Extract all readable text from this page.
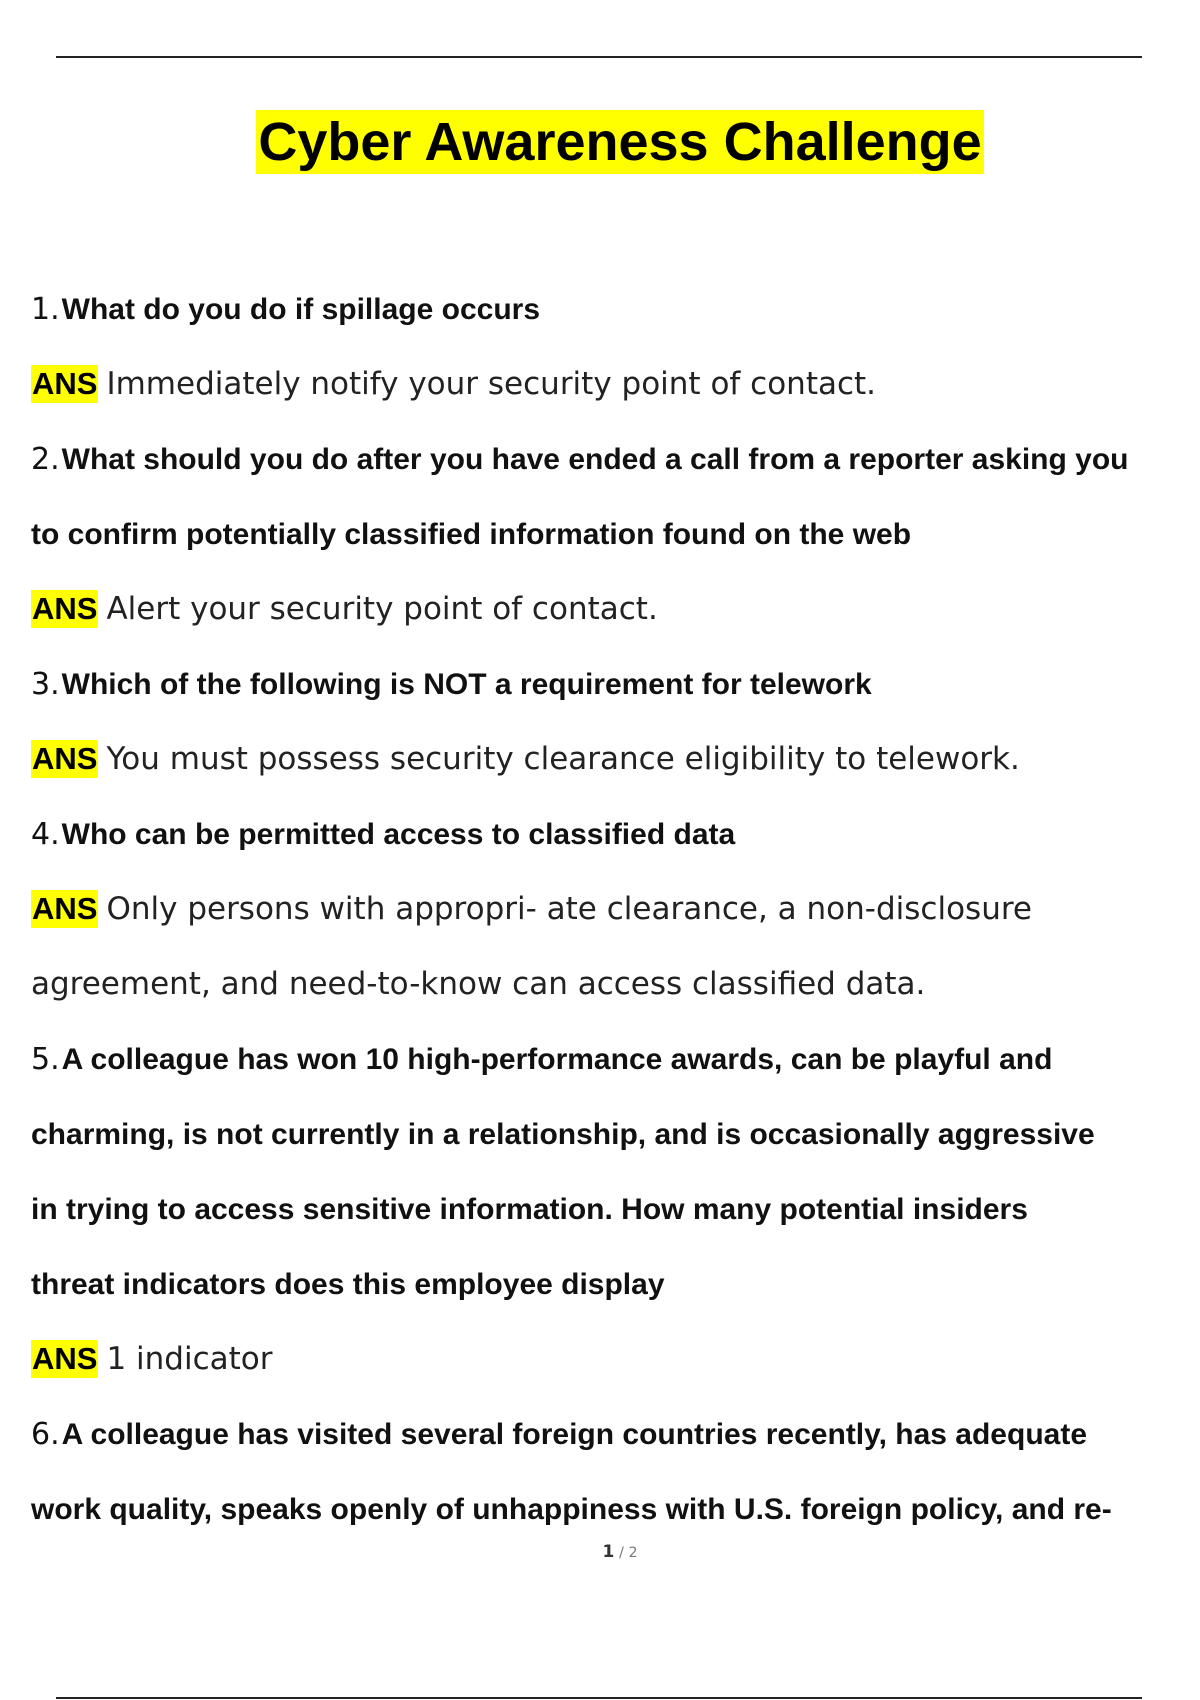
Cyber Awareness Challenge
1.What do you do if spillage occurs
ANS Immediately notify your security point of contact.
2.What should you do after you have ended a call from a reporter asking you
to confirm potentially classified information found on the web
ANS Alert your security point of contact.
3.Which of the following is NOT a requirement for telework
ANS You must possess security clearance eligibility to telework.
4.Who can be permitted access to classified data
ANS Only persons with appropri- ate clearance, a non-disclosure
agreement, and need-to-know can access classified data.
5.A colleague has won 10 high-performance awards, can be playful and
charming, is not currently in a relationship, and is occasionally aggressive
in trying to access sensitive information. How many potential insiders
threat indicators does this employee display
ANS 1 indicator
6.A colleague has visited several foreign countries recently, has adequate
work quality, speaks openly of unhappiness with U.S. foreign policy, and re-
1 / 2
